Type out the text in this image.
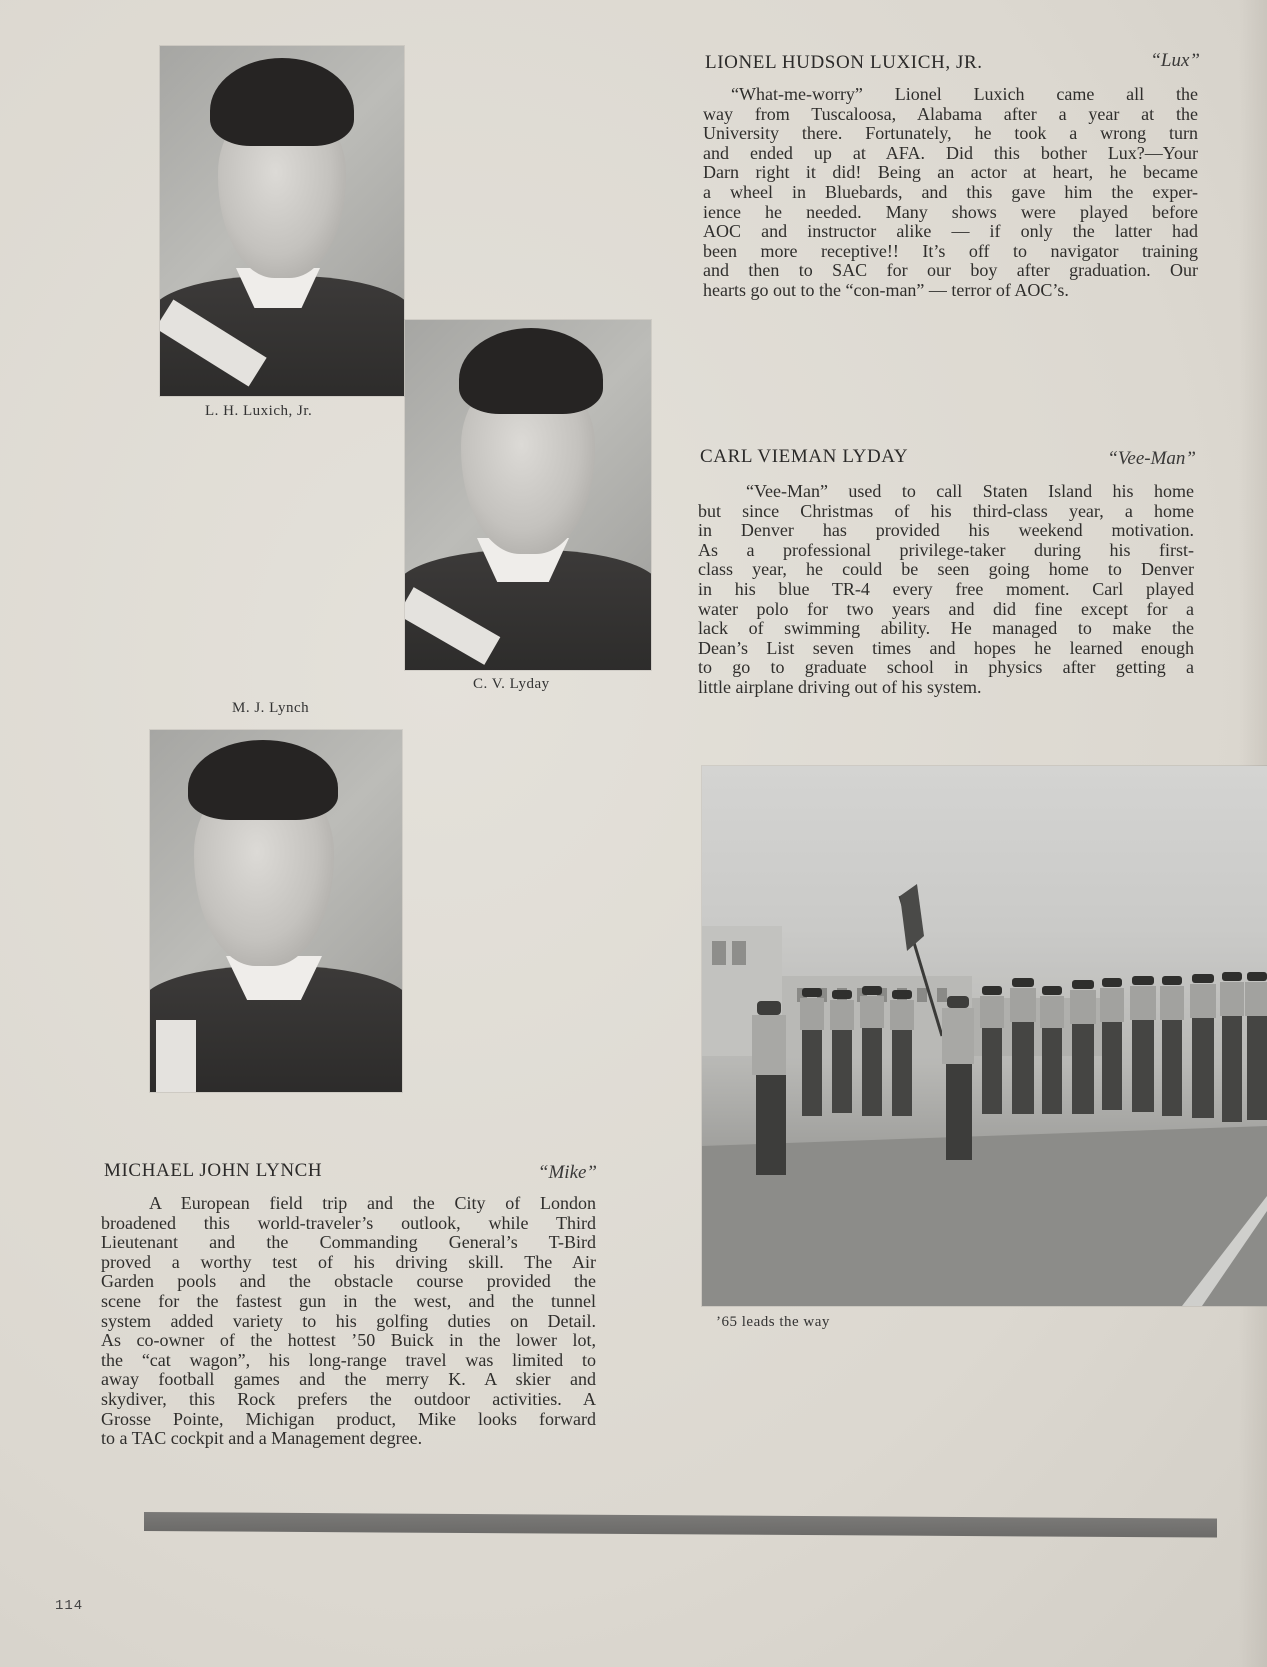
L. H. Luxich, Jr.
C. V. Lyday
M. J. Lynch
LIONEL HUDSON LUXICH, JR.	“Lux”
“What-me-worry” Lionel Luxich came all the
way from Tuscaloosa, Alabama after a year at the
University there. Fortunately, he took a wrong turn
and ended up at AFA. Did this bother Lux?—Your
Darn right it did! Being an actor at heart, he became
a wheel in Bluebards, and this gave him the exper-
ience he needed. Many shows were played before
AOC and instructor alike — if only the latter had
been more receptive!! It’s off to navigator training
and then to SAC for our boy after graduation. Our
hearts go out to the “con-man” — terror of AOC’s.
CARL VIEMAN LYDAY	“Vee-Man”
“Vee-Man” used to call Staten Island his home
but since Christmas of his third-class year, a home
in Denver has provided his weekend motivation.
As a professional privilege-taker during his first-
class year, he could be seen going home to Denver
in his blue TR-4 every free moment. Carl played
water polo for two years and did fine except for a
lack of swimming ability. He managed to make the
Dean’s List seven times and hopes he learned enough
to go to graduate school in physics after getting a
little airplane driving out of his system.
’65 leads the way
MICHAEL JOHN LYNCH	“Mike”
A European field trip and the City of London
broadened this world-traveler’s outlook, while Third
Lieutenant and the Commanding General’s T-Bird
proved a worthy test of his driving skill. The Air
Garden pools and the obstacle course provided the
scene for the fastest gun in the west, and the tunnel
system added variety to his golfing duties on Detail.
As co-owner of the hottest ’50 Buick in the lower lot,
the “cat wagon”, his long-range travel was limited to
away football games and the merry K. A skier and
skydiver, this Rock prefers the outdoor activities. A
Grosse Pointe, Michigan product, Mike looks forward
to a TAC cockpit and a Management degree.
114
